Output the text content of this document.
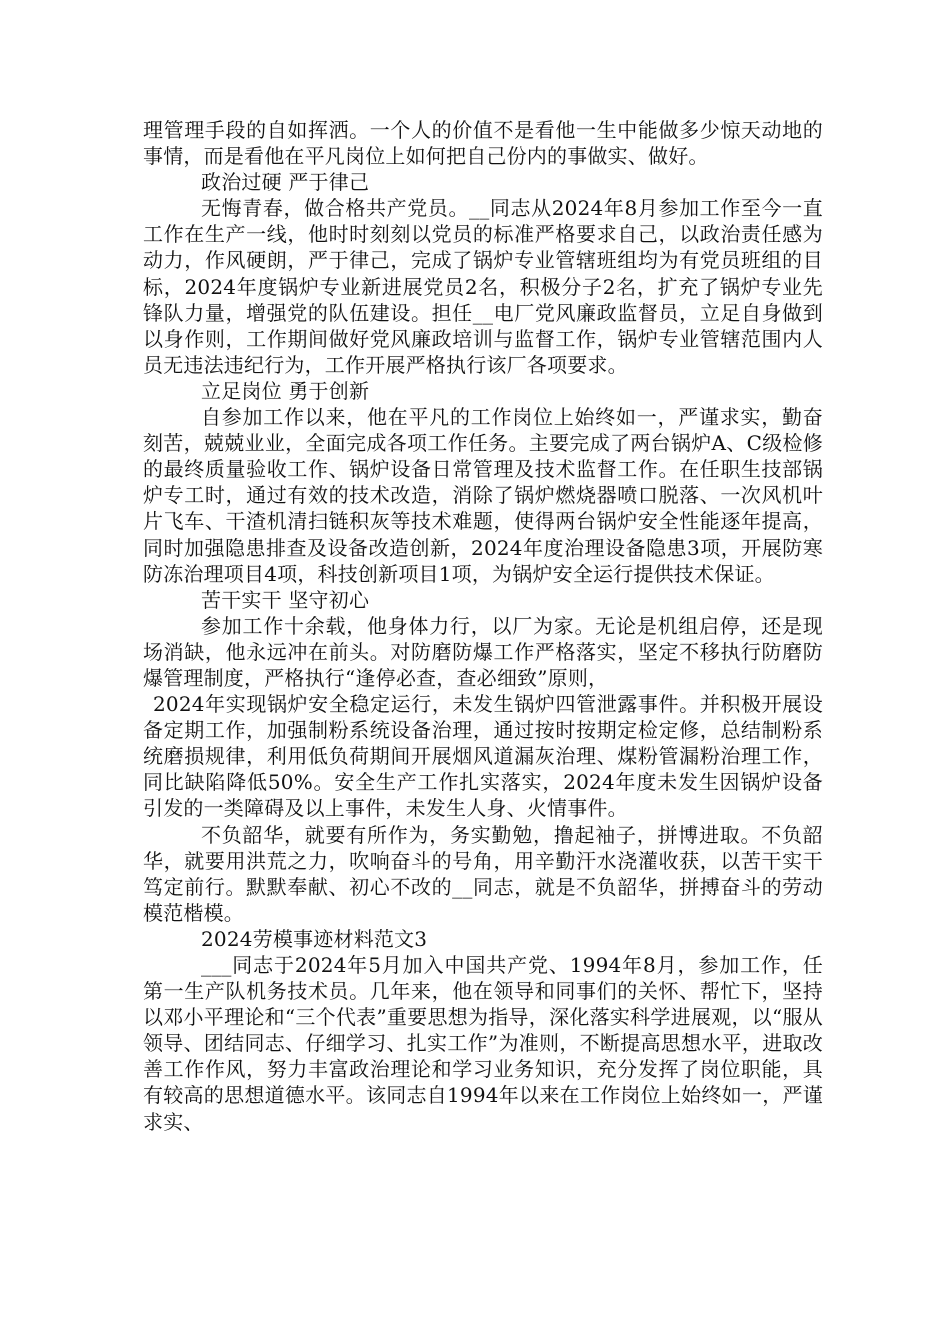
理管理手段的自如挥洒。一个人的价值不是看他一生中能做多少惊天动地的事情，而是看他在平凡岗位上如何把自己份内的事做实、做好。

政治过硬 严于律己

无悔青春，做合格共产党员。__同志从2024年8月参加工作至今一直工作在生产一线，他时时刻刻以党员的标准严格要求自己，以政治责任感为动力，作风硬朗，严于律己，完成了锅炉专业管辖班组均为有党员班组的目标，2024年度锅炉专业新进展党员2名，积极分子2名，扩充了锅炉专业先锋队力量，增强党的队伍建设。担任__电厂党风廉政监督员，立足自身做到以身作则，工作期间做好党风廉政培训与监督工作，锅炉专业管辖范围内人员无违法违纪行为，工作开展严格执行该厂各项要求。

立足岗位 勇于创新

自参加工作以来，他在平凡的工作岗位上始终如一，严谨求实，勤奋刻苦，兢兢业业，全面完成各项工作任务。主要完成了两台锅炉A、C级检修的最终质量验收工作、锅炉设备日常管理及技术监督工作。在任职生技部锅炉专工时，通过有效的技术改造，消除了锅炉燃烧器喷口脱落、一次风机叶片飞车、干渣机清扫链积灰等技术难题，使得两台锅炉安全性能逐年提高，同时加强隐患排查及设备改造创新，2024年度治理设备隐患3项，开展防寒防冻治理项目4项，科技创新项目1项，为锅炉安全运行提供技术保证。

苦干实干 坚守初心

参加工作十余载，他身体力行，以厂为家。无论是机组启停，还是现场消缺，他永远冲在前头。对防磨防爆工作严格落实，坚定不移执行防磨防爆管理制度，严格执行“逢停必查，查必细致”原则，

2024年实现锅炉安全稳定运行，未发生锅炉四管泄露事件。并积极开展设备定期工作，加强制粉系统设备治理，通过按时按期定检定修，总结制粉系统磨损规律，利用低负荷期间开展烟风道漏灰治理、煤粉管漏粉治理工作，同比缺陷降低50%。安全生产工作扎实落实，2024年度未发生因锅炉设备引发的一类障碍及以上事件，未发生人身、火情事件。

不负韶华，就要有所作为，务实勤勉，撸起袖子，拼博进取。不负韶华，就要用洪荒之力，吹响奋斗的号角，用辛勤汗水浇灌收获，以苦干实干笃定前行。默默奉献、初心不改的__同志，就是不负韶华，拼搏奋斗的劳动模范楷模。

2024劳模事迹材料范文3

___同志于2024年5月加入中国共产党、1994年8月，参加工作，任第一生产队机务技术员。几年来，他在领导和同事们的关怀、帮忙下，坚持以邓小平理论和“三个代表”重要思想为指导，深化落实科学进展观，以“服从领导、团结同志、仔细学习、扎实工作”为准则，不断提高思想水平，进取改善工作作风，努力丰富政治理论和学习业务知识，充分发挥了岗位职能，具有较高的思想道德水平。该同志自1994年以来在工作岗位上始终如一，严谨求实、
